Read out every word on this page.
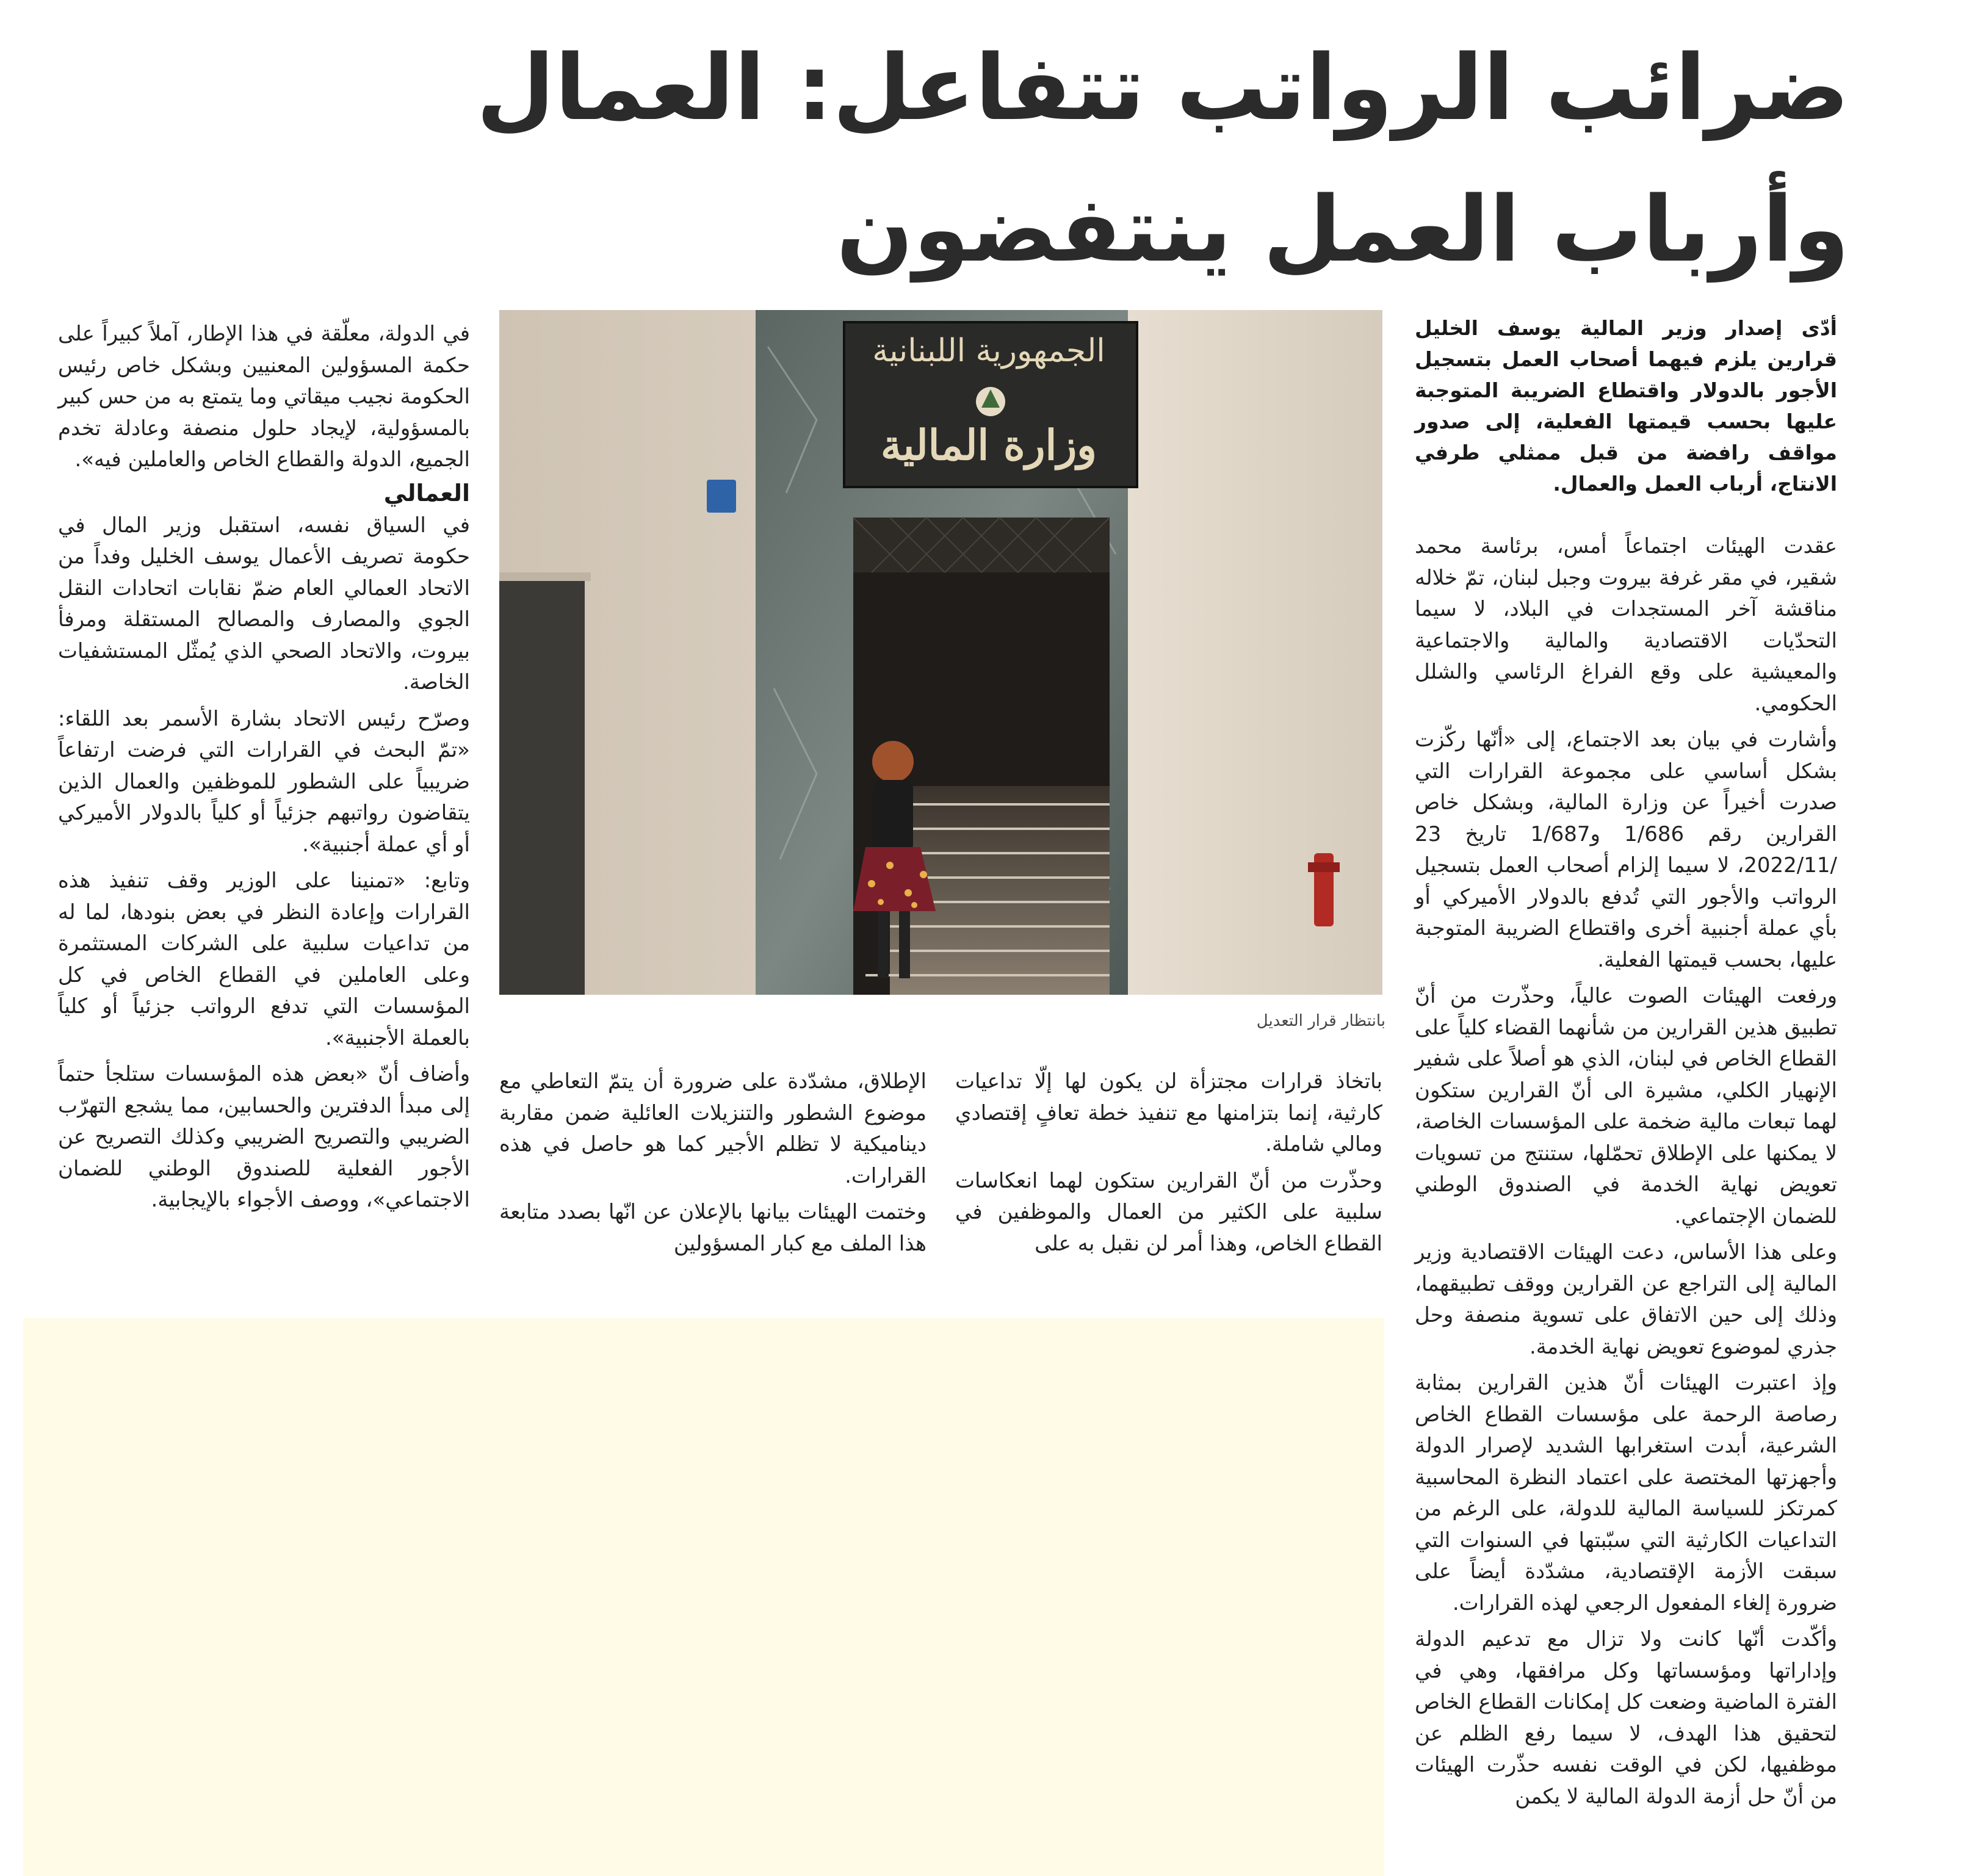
ضرائب الرواتب تتفاعل: العمال وأرباب العمل ينتفضون

أدّى إصدار وزير المالية يوسف الخليل قرارين يلزم فيهما أصحاب العمل بتسجيل الأجور بالدولار واقتطاع الضريبة المتوجبة عليها بحسب قيمتها الفعلية، إلى صدور مواقف رافضة من قبل ممثلي طرفي الانتاج، أرباب العمل والعمال.

الجمهورية اللبنانية
وزارة المالية
بانتظار قرار التعديل

عقدت الهيئات اجتماعاً أمس، برئاسة محمد شقير، في مقر غرفة بيروت وجبل لبنان، تمّ خلاله مناقشة آخر المستجدات في البلاد، لا سيما التحدّيات الاقتصادية والمالية والاجتماعية والمعيشية على وقع الفراغ الرئاسي والشلل الحكومي.

وأشارت في بيان بعد الاجتماع، إلى «أنّها ركّزت بشكل أساسي على مجموعة القرارات التي صدرت أخيراً عن وزارة المالية، وبشكل خاص القرارين رقم 1/686 و1/687 تاريخ 23 /2022/11، لا سيما إلزام أصحاب العمل بتسجيل الرواتب والأجور التي تُدفع بالدولار الأميركي أو بأي عملة أجنبية أخرى واقتطاع الضريبة المتوجبة عليها، بحسب قيمتها الفعلية.

ورفعت الهيئات الصوت عالياً، وحذّرت من أنّ تطبيق هذين القرارين من شأنهما القضاء كلياً على القطاع الخاص في لبنان، الذي هو أصلاً على شفير الإنهيار الكلي، مشيرة الى أنّ القرارين ستكون لهما تبعات مالية ضخمة على المؤسسات الخاصة، لا يمكنها على الإطلاق تحمّلها، ستنتج من تسويات تعويض نهاية الخدمة في الصندوق الوطني للضمان الإجتماعي.

وعلى هذا الأساس، دعت الهيئات الاقتصادية وزير المالية إلى التراجع عن القرارين ووقف تطبيقهما، وذلك إلى حين الاتفاق على تسوية منصفة وحل جذري لموضوع تعويض نهاية الخدمة.

وإذ اعتبرت الهيئات أنّ هذين القرارين بمثابة رصاصة الرحمة على مؤسسات القطاع الخاص الشرعية، أبدت استغرابها الشديد لإصرار الدولة وأجهزتها المختصة على اعتماد النظرة المحاسبية كمرتكز للسياسة المالية للدولة، على الرغم من التداعيات الكارثية التي سبّبتها في السنوات التي سبقت الأزمة الإقتصادية، مشدّدة أيضاً على ضرورة إلغاء المفعول الرجعي لهذه القرارات.

وأكّدت أنّها كانت ولا تزال مع تدعيم الدولة وإداراتها ومؤسساتها وكل مرافقها، وهي في الفترة الماضية وضعت كل إمكانات القطاع الخاص لتحقيق هذا الهدف، لا سيما رفع الظلم عن موظفيها، لكن في الوقت نفسه حذّرت الهيئات من أنّ حل أزمة الدولة المالية لا يكمن

باتخاذ قرارات مجتزأة لن يكون لها إلّا تداعيات كارثية، إنما بتزامنها مع تنفيذ خطة تعافٍ إقتصادي ومالي شاملة.

وحذّرت من أنّ القرارين ستكون لهما انعكاسات سلبية على الكثير من العمال والموظفين في القطاع الخاص، وهذا أمر لن نقبل به على

الإطلاق، مشدّدة على ضرورة أن يتمّ التعاطي مع موضوع الشطور والتنزيلات العائلية ضمن مقاربة ديناميكية لا تظلم الأجير كما هو حاصل في هذه القرارات.

وختمت الهيئات بيانها بالإعلان عن انّها بصدد متابعة هذا الملف مع كبار المسؤولين

في الدولة، معلّقة في هذا الإطار، آملاً كبيراً على حكمة المسؤولين المعنيين وبشكل خاص رئيس الحكومة نجيب ميقاتي وما يتمتع به من حس كبير بالمسؤولية، لإيجاد حلول منصفة وعادلة تخدم الجميع، الدولة والقطاع الخاص والعاملين فيه».

العمالي

في السياق نفسه، استقبل وزير المال في حكومة تصريف الأعمال يوسف الخليل وفداً من الاتحاد العمالي العام ضمّ نقابات اتحادات النقل الجوي والمصارف والمصالح المستقلة ومرفأ بيروت، والاتحاد الصحي الذي يُمثّل المستشفيات الخاصة.

وصرّح رئيس الاتحاد بشارة الأسمر بعد اللقاء: «تمّ البحث في القرارات التي فرضت ارتفاعاً ضريبياً على الشطور للموظفين والعمال الذين يتقاضون رواتبهم جزئياً أو كلياً بالدولار الأميركي أو أي عملة أجنبية».

وتابع: «تمنينا على الوزير وقف تنفيذ هذه القرارات وإعادة النظر في بعض بنودها، لما له من تداعيات سلبية على الشركات المستثمرة وعلى العاملين في القطاع الخاص في كل المؤسسات التي تدفع الرواتب جزئياً أو كلياً بالعملة الأجنبية».

وأضاف أنّ «بعض هذه المؤسسات ستلجأ حتماً إلى مبدأ الدفترين والحسابين، مما يشجع التهرّب الضريبي والتصريح الضريبي وكذلك التصريح عن الأجور الفعلية للصندوق الوطني للضمان الاجتماعي»، ووصف الأجواء بالإيجابية.
